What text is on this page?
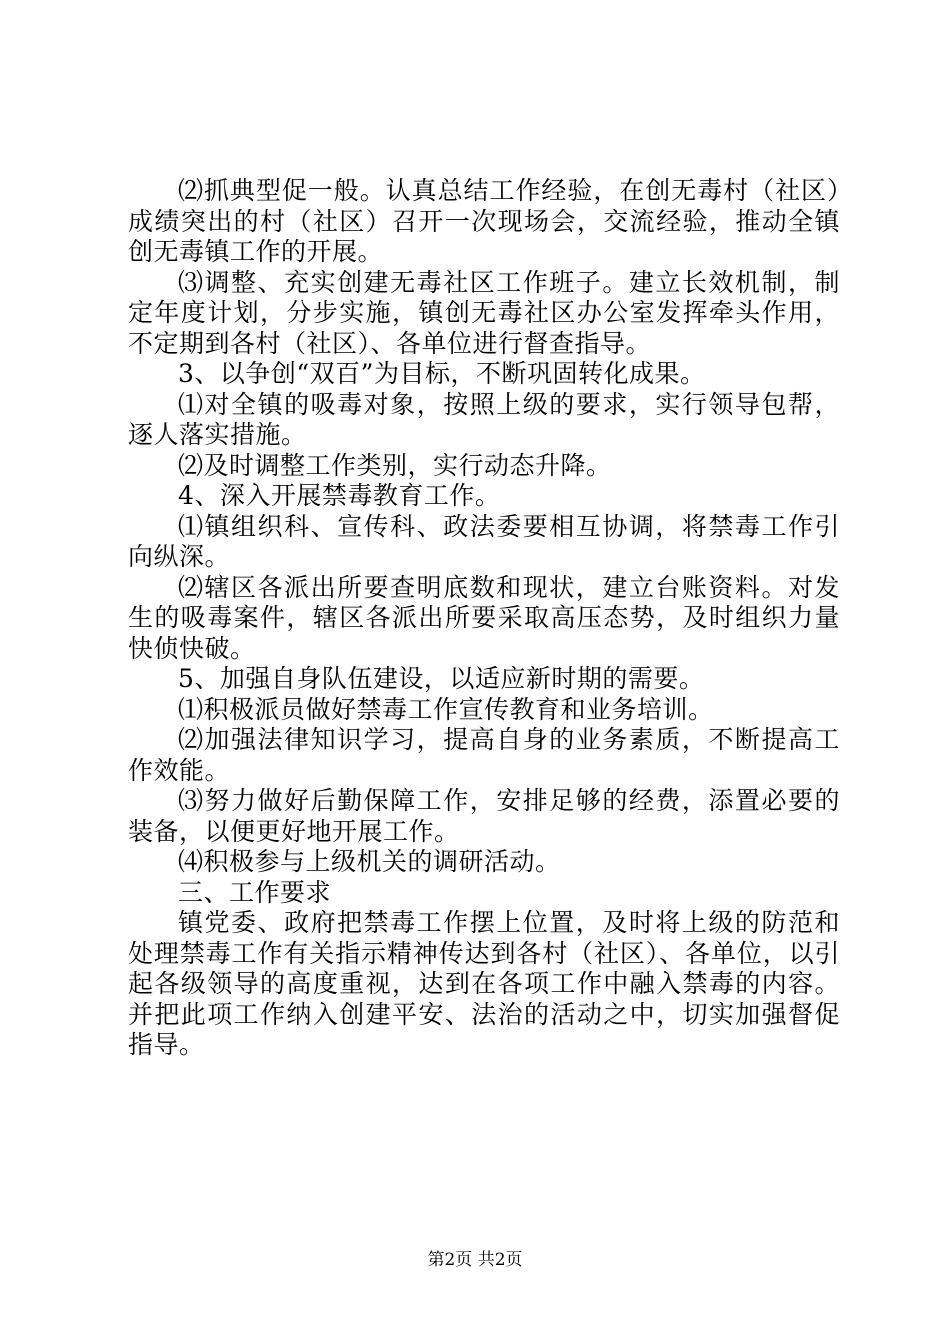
⑵抓典型促一般。认真总结工作经验，在创无毒村（社区）成绩突出的村（社区）召开一次现场会，交流经验，推动全镇创无毒镇工作的开展。

⑶调整、充实创建无毒社区工作班子。建立长效机制，制定年度计划，分步实施，镇创无毒社区办公室发挥牵头作用，不定期到各村（社区）、各单位进行督查指导。

3、以争创“双百”为目标，不断巩固转化成果。

⑴对全镇的吸毒对象，按照上级的要求，实行领导包帮，逐人落实措施。

⑵及时调整工作类别，实行动态升降。

4、深入开展禁毒教育工作。

⑴镇组织科、宣传科、政法委要相互协调，将禁毒工作引向纵深。

⑵辖区各派出所要查明底数和现状，建立台账资料。对发生的吸毒案件，辖区各派出所要采取高压态势，及时组织力量快侦快破。

5、加强自身队伍建设，以适应新时期的需要。

⑴积极派员做好禁毒工作宣传教育和业务培训。

⑵加强法律知识学习，提高自身的业务素质，不断提高工作效能。

⑶努力做好后勤保障工作，安排足够的经费，添置必要的装备，以便更好地开展工作。

⑷积极参与上级机关的调研活动。

三、工作要求

镇党委、政府把禁毒工作摆上位置，及时将上级的防范和处理禁毒工作有关指示精神传达到各村（社区）、各单位，以引起各级领导的高度重视，达到在各项工作中融入禁毒的内容。并把此项工作纳入创建平安、法治的活动之中，切实加强督促指导。

第2页 共2页
